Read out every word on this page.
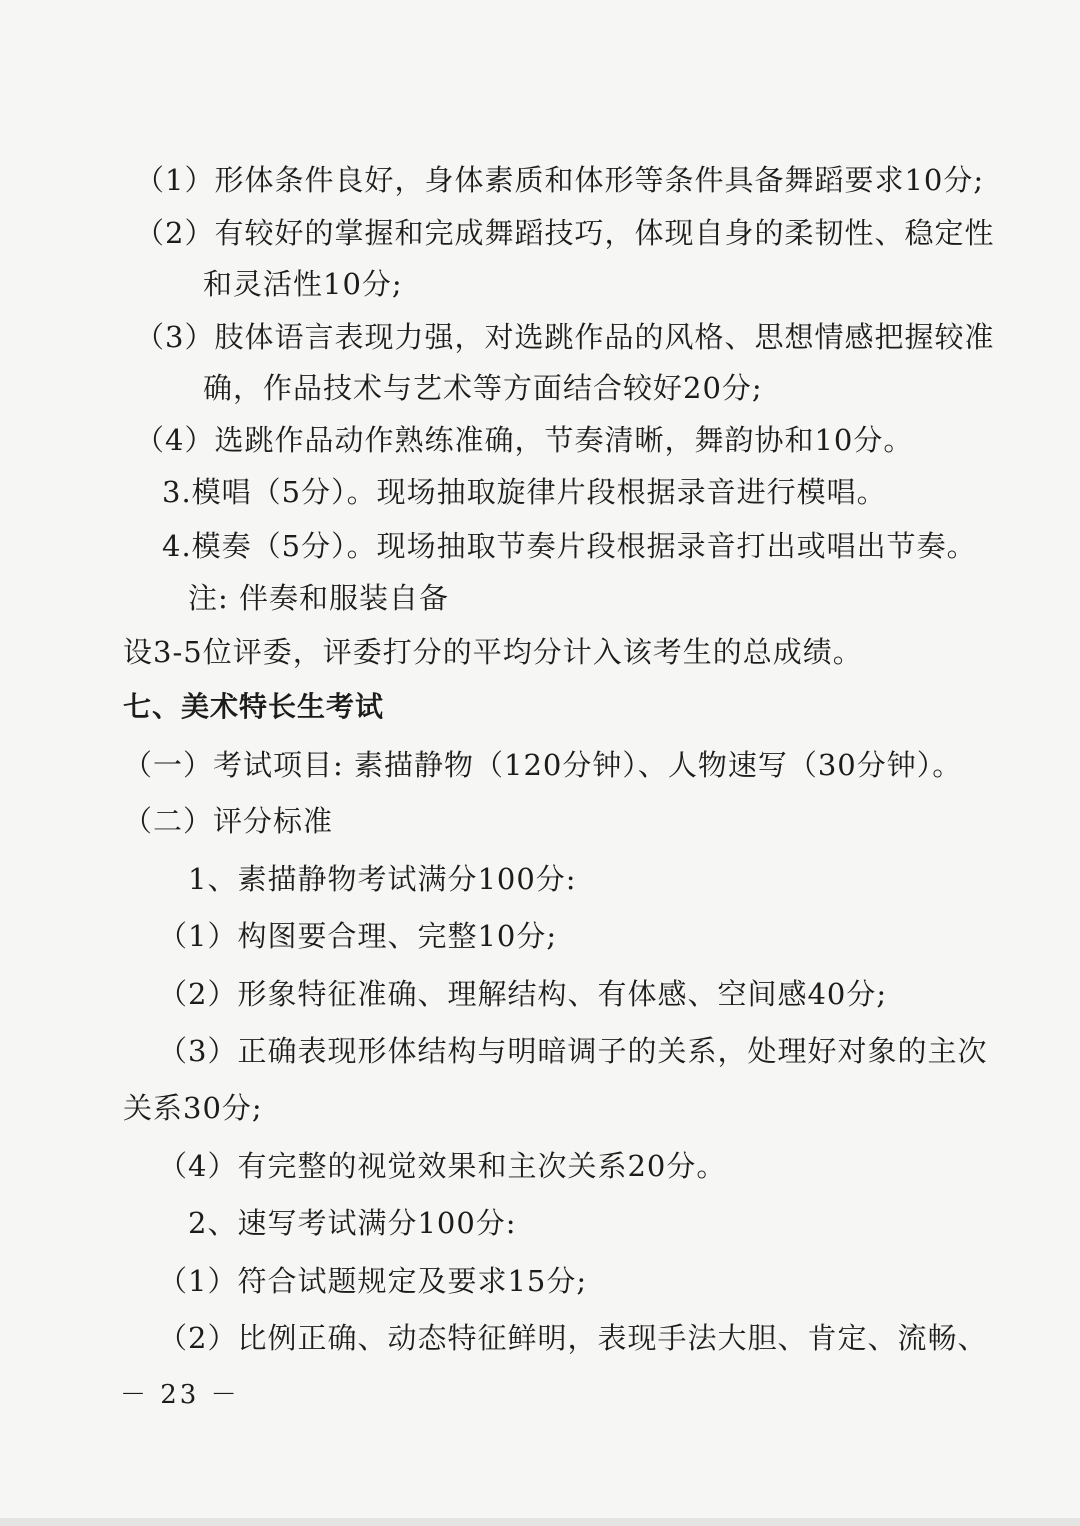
（1）形体条件良好，身体素质和体形等条件具备舞蹈要求10分;
（2）有较好的掌握和完成舞蹈技巧，体现自身的柔韧性、稳定性
和灵活性10分;
（3）肢体语言表现力强，对选跳作品的风格、思想情感把握较准
确，作品技术与艺术等方面结合较好20分;
（4）选跳作品动作熟练准确，节奏清晰，舞韵协和10分。
3.模唱（5分）。现场抽取旋律片段根据录音进行模唱。
4.模奏（5分）。现场抽取节奏片段根据录音打出或唱出节奏。
注: 伴奏和服装自备
设3-5位评委，评委打分的平均分计入该考生的总成绩。
七、美术特长生考试
（一）考试项目: 素描静物（120分钟）、人物速写（30分钟）。
（二）评分标准
1、素描静物考试满分100分:
（1）构图要合理、完整10分;
（2）形象特征准确、理解结构、有体感、空间感40分;
（3）正确表现形体结构与明暗调子的关系，处理好对象的主次
关系30分;
（4）有完整的视觉效果和主次关系20分。
2、速写考试满分100分:
（1）符合试题规定及要求15分;
（2）比例正确、动态特征鲜明，表现手法大胆、肯定、流畅、
－ 23 －
